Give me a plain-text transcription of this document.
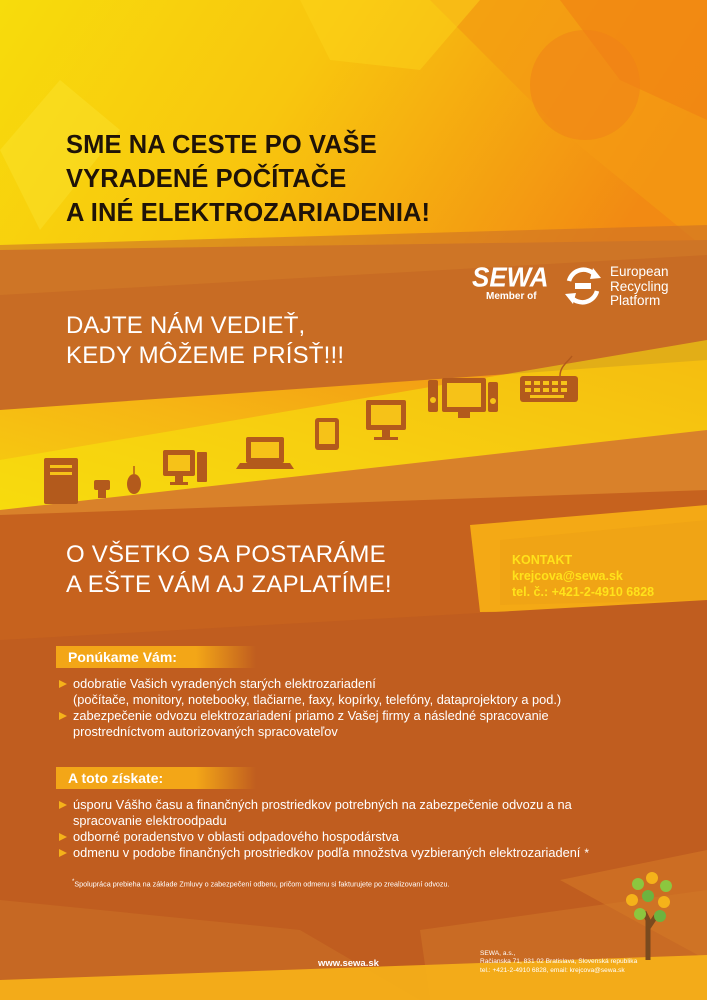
SME NA CESTE PO VAŠE
VYRADENÉ POČÍTAČE
A INÉ ELEKTROZARIADENIA!
SEWA
Member of
European
Recycling
Platform
DAJTE NÁM VEDIEŤ,
KEDY MÔŽEME PRÍSŤ!!!
O VŠETKO SA POSTARÁME
A EŠTE VÁM AJ ZAPLATÍME!
KONTAKT
krejcova@sewa.sk
tel. č.: +421-2-4910 6828
Ponúkame Vám:
odobratie Vašich vyradených starých elektrozariadení
(počítače, monitory, notebooky, tlačiarne, faxy, kopírky, telefóny, dataprojektory a pod.)
zabezpečenie odvozu elektrozariadení priamo z Vašej firmy a následné spracovanie
prostredníctvom autorizovaných spracovateľov
A toto získate:
úsporu Vášho času a finančných prostriedkov potrebných na zabezpečenie odvozu a na
spracovanie elektroodpadu
odborné poradenstvo v oblasti odpadového hospodárstva
odmenu v podobe finančných prostriedkov podľa množstva vyzbieraných elektrozariadení *
*Spolupráca prebieha na základe Zmluvy o zabezpečení odberu, pričom odmenu si fakturujete po zrealizovaní odvozu.
www.sewa.sk
SEWA, a.s.,
Račianska 71, 831 02 Bratislava, Slovenská republika
tel.: +421-2-4910 6828, email: krejcova@sewa.sk
